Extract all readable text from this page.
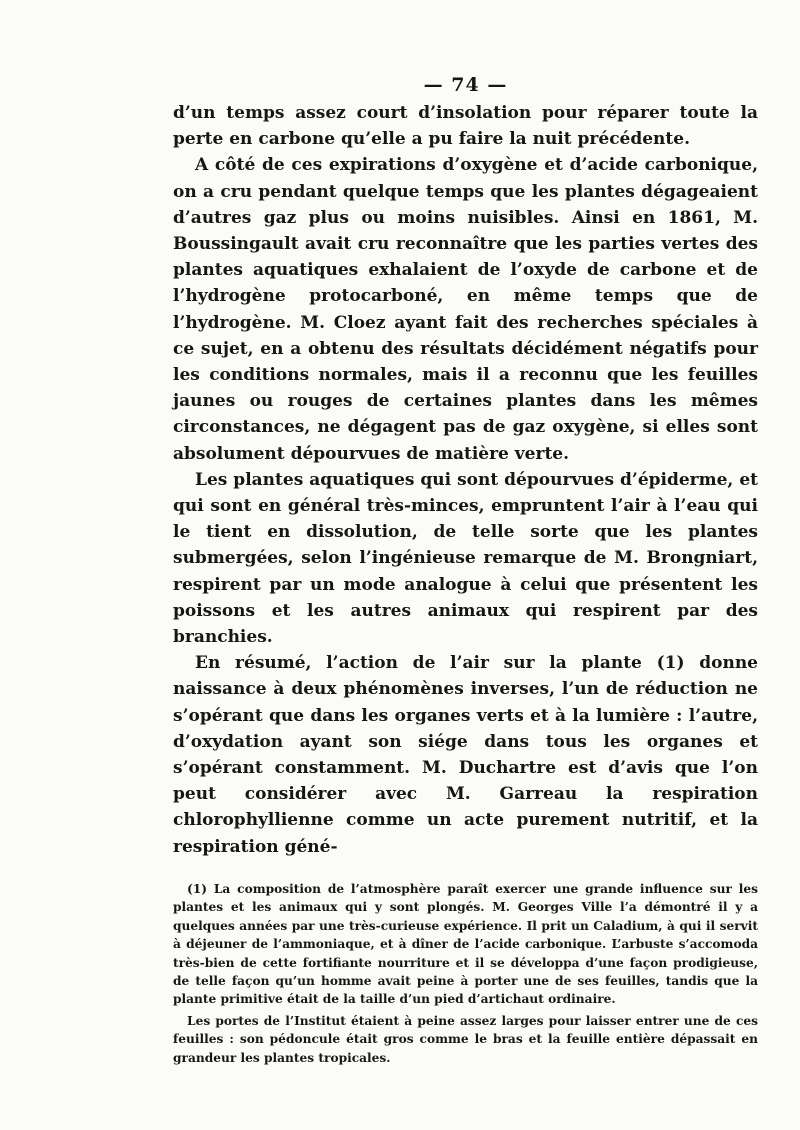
— 74 —

d’un temps assez court d’insolation pour réparer toute la perte en carbone qu’elle a pu faire la nuit précédente.

A côté de ces expirations d’oxygène et d’acide carbonique, on a cru pendant quelque temps que les plantes dégageaient d’autres gaz plus ou moins nuisibles. Ainsi en 1861, M. Boussingault avait cru reconnaître que les parties vertes des plantes aquatiques exhalaient de l’oxyde de carbone et de l’hydrogène protocarboné, en même temps que de l’hydrogène. M. Cloez ayant fait des recherches spéciales à ce sujet, en a obtenu des résultats décidément négatifs pour les conditions normales, mais il a reconnu que les feuilles jaunes ou rouges de certaines plantes dans les mêmes circonstances, ne dégagent pas de gaz oxygène, si elles sont absolument dépourvues de matière verte.

Les plantes aquatiques qui sont dépourvues d’épiderme, et qui sont en général très-minces, empruntent l’air à l’eau qui le tient en dissolution, de telle sorte que les plantes submergées, selon l’ingénieuse remarque de M. Brongniart, respirent par un mode analogue à celui que présentent les poissons et les autres animaux qui respirent par des branchies.

En résumé, l’action de l’air sur la plante (1) donne naissance à deux phénomènes inverses, l’un de réduction ne s’opérant que dans les organes verts et à la lumière : l’autre, d’oxydation ayant son siége dans tous les organes et s’opérant constamment. M. Duchartre est d’avis que l’on peut considérer avec M. Garreau la respiration chlorophyllienne comme un acte purement nutritif, et la respiration géné-

(1) La composition de l’atmosphère paraît exercer une grande influence sur les plantes et les animaux qui y sont plongés. M. Georges Ville l’a démontré il y a quelques années par une très-curieuse expérience. Il prit un Caladium, à qui il servit à déjeuner de l’ammoniaque, et à dîner de l’acide carbonique. L’arbuste s’accomoda très-bien de cette fortifiante nourriture et il se développa d’une façon prodigieuse, de telle façon qu’un homme avait peine à porter une de ses feuilles, tandis que la plante primitive était de la taille d’un pied d’artichaut ordinaire.

Les portes de l’Institut étaient à peine assez larges pour laisser entrer une de ces feuilles : son pédoncule était gros comme le bras et la feuille entière dépassait en grandeur les plantes tropicales.
